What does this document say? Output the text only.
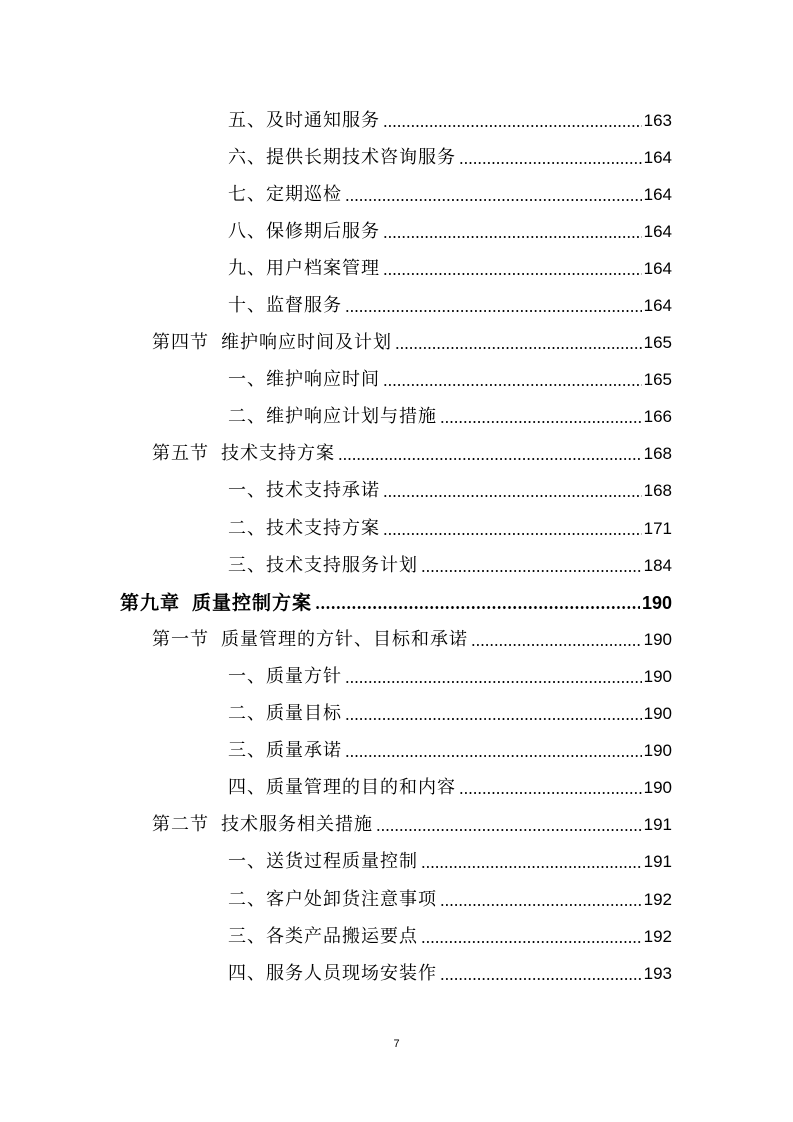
五、及时通知服务	163
六、提供长期技术咨询服务	164
七、定期巡检	164
八、保修期后服务	164
九、用户档案管理	164
十、监督服务	164
第四节 维护响应时间及计划	165
一、维护响应时间	165
二、维护响应计划与措施	166
第五节 技术支持方案	168
一、技术支持承诺	168
二、技术支持方案	171
三、技术支持服务计划	184
第九章 质量控制方案	190
第一节 质量管理的方针、目标和承诺	190
一、质量方针	190
二、质量目标	190
三、质量承诺	190
四、质量管理的目的和内容	190
第二节 技术服务相关措施	191
一、送货过程质量控制	191
二、客户处卸货注意事项	192
三、各类产品搬运要点	192
四、服务人员现场安装作	193
7
